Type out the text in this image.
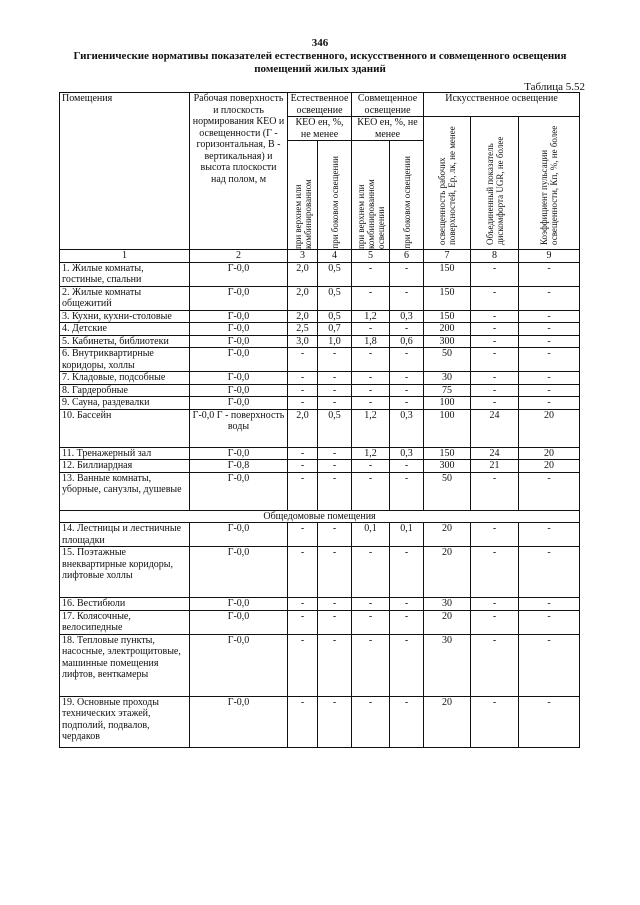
346
Гигиенические нормативы показателей естественного, искусственного и совмещенного освещения помещений жилых зданий
Таблица 5.52
Помещения	Рабочая поверхность и плоскость нормирования КЕО и освещенности (Г - горизонтальная, В - вертикальная) и высота плоскости над полом, м	Естественное освещение		Совмещенное освещение		Искусственное освещение		
		КЕО ен, %, не менее		КЕО ен, %, не менее		освещенность рабочих поверхностей, Ер, лк, не менее	Объединенный показатель дискомфорта UGR, не более	Коэффициент пульсации освещенности, Кп, %, не более

		при верхнем или комбинированном	при боковом освещении	при верхнем или комбинированном освещении	при боковом освещении			

1	2	3	4	5	6	7	8	9
1. Жилые комнаты, гостиные, спальни	Г-0,0	2,0	0,5	-	-	150	-	-
2. Жилые комнаты общежитий	Г-0,0	2,0	0,5	-	-	150	-	-
3. Кухни, кухни-столовые	Г-0,0	2,0	0,5	1,2	0,3	150	-	-
4. Детские	Г-0,0	2,5	0,7	-	-	200	-	-
5. Кабинеты, библиотеки	Г-0,0	3,0	1,0	1,8	0,6	300	-	-
6. Внутриквартирные коридоры, холлы	Г-0,0	-	-	-	-	50	-	-
7. Кладовые, подсобные	Г-0,0	-	-	-	-	30	-	-
8. Гардеробные	Г-0,0	-	-	-	-	75	-	-
9. Сауна, раздевалки	Г-0,0	-	-	-	-	100	-	-
10. Бассейн	Г-0,0 Г - поверхность воды	2,0	0,5	1,2	0,3	100	24	20
11. Тренажерный зал	Г-0,0	-	-	1,2	0,3	150	24	20
12. Биллиардная	Г-0,8	-	-	-	-	300	21	20
13. Ванные комнаты, уборные, санузлы, душевые	Г-0,0	-	-	-	-	50	-	-
Общедомовые помещения								
14. Лестницы и лестничные площадки	Г-0,0	-	-	0,1	0,1	20	-	-
15. Поэтажные внеквартирные коридоры, лифтовые холлы	Г-0,0	-	-	-	-	20	-	-
16. Вестибюли	Г-0,0	-	-	-	-	30	-	-
17. Колясочные, велосипедные	Г-0,0	-	-	-	-	20	-	-
18. Тепловые пункты, насосные, электрощитовые, машинные помещения лифтов, венткамеры	Г-0,0	-	-	-	-	30	-	-
19. Основные проходы технических этажей, подполий, подвалов, чердаков	Г-0,0	-	-	-	-	20	-	-
